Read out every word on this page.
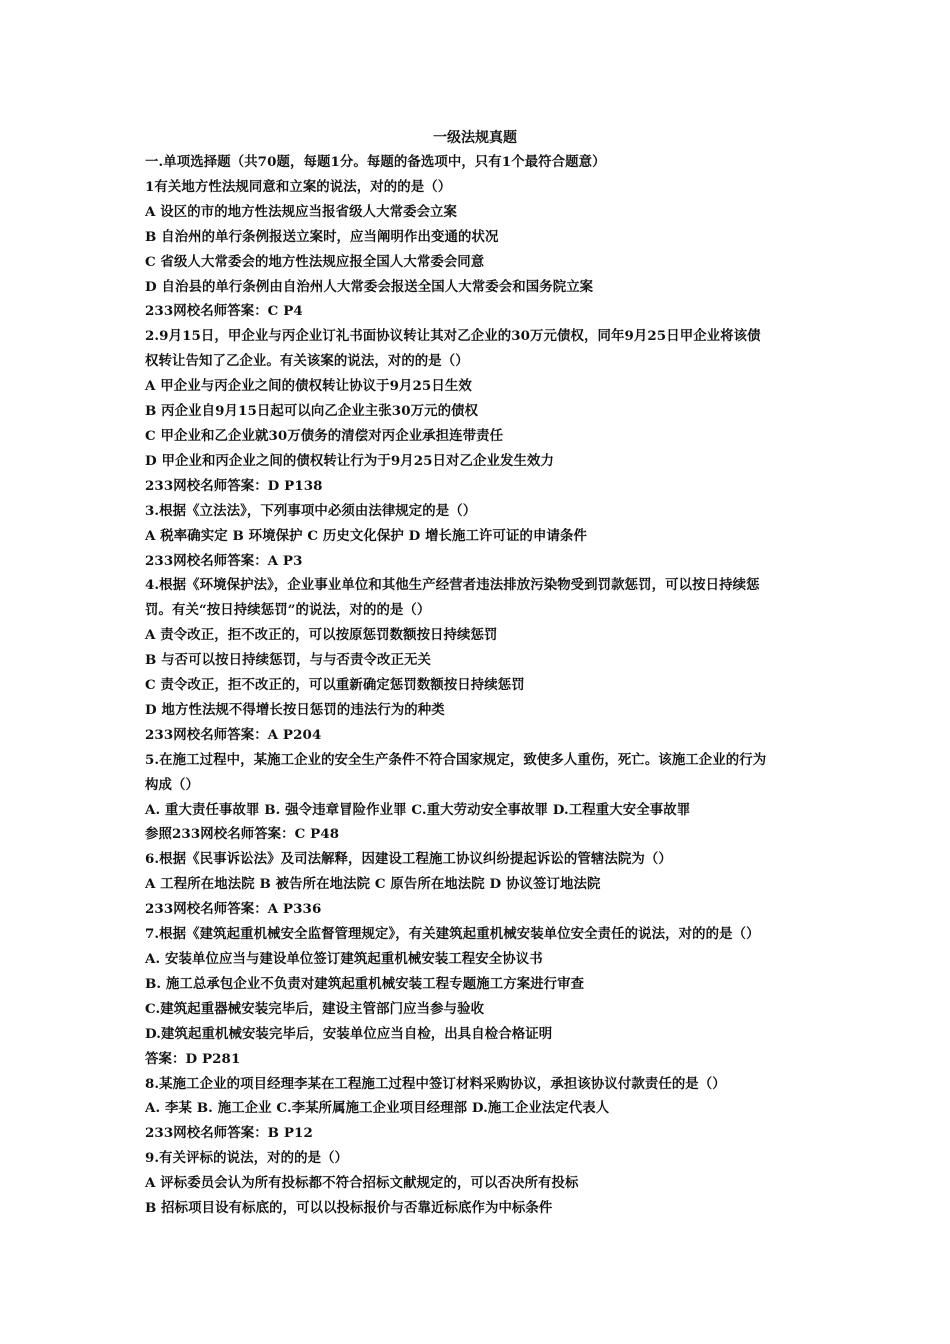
一级法规真题
一.单项选择题（共70题，每题1分。每题的备选项中，只有1个最符合题意）
1有关地方性法规同意和立案的说法，对的的是（）
A 设区的市的地方性法规应当报省级人大常委会立案
B 自治州的单行条例报送立案时，应当阐明作出变通的状况
C 省级人大常委会的地方性法规应报全国人大常委会同意
D 自治县的单行条例由自治州人大常委会报送全国人大常委会和国务院立案
233网校名师答案：C P4
2.9月15日，甲企业与丙企业订礼书面协议转让其对乙企业的30万元债权，同年9月25日甲企业将该债
权转让告知了乙企业。有关该案的说法，对的的是（）
A 甲企业与丙企业之间的债权转让协议于9月25日生效
B 丙企业自9月15日起可以向乙企业主张30万元的债权
C 甲企业和乙企业就30万债务的清偿对丙企业承担连带责任
D 甲企业和丙企业之间的债权转让行为于9月25日对乙企业发生效力
233网校名师答案：D P138
3.根据《立法法》，下列事项中必须由法律规定的是（）
A 税率确实定 B 环境保护 C 历史文化保护 D 增长施工许可证的申请条件
233网校名师答案：A P3
4.根据《环境保护法》，企业事业单位和其他生产经营者违法排放污染物受到罚款惩罚，可以按日持续惩
罚。有关“按日持续惩罚”的说法，对的的是（）
A 责令改正，拒不改正的，可以按原惩罚数额按日持续惩罚
B 与否可以按日持续惩罚，与与否责令改正无关
C 责令改正，拒不改正的，可以重新确定惩罚数额按日持续惩罚
D 地方性法规不得增长按日惩罚的违法行为的种类
233网校名师答案：A P204
5.在施工过程中，某施工企业的安全生产条件不符合国家规定，致使多人重伤，死亡。该施工企业的行为
构成（）
A. 重大责任事故罪 B. 强令违章冒险作业罪 C.重大劳动安全事故罪 D.工程重大安全事故罪
参照233网校名师答案：C P48
6.根据《民事诉讼法》及司法解释，因建设工程施工协议纠纷提起诉讼的管辖法院为（）
A 工程所在地法院 B 被告所在地法院 C 原告所在地法院 D 协议签订地法院
233网校名师答案：A P336
7.根据《建筑起重机械安全监督管理规定》，有关建筑起重机械安装单位安全责任的说法，对的的是（）
A. 安装单位应当与建设单位签订建筑起重机械安装工程安全协议书
B. 施工总承包企业不负责对建筑起重机械安装工程专题施工方案进行审查
C.建筑起重器械安装完毕后，建设主管部门应当参与验收
D.建筑起重机械安装完毕后，安装单位应当自检，出具自检合格证明
答案：D P281
8.某施工企业的项目经理李某在工程施工过程中签订材料采购协议，承担该协议付款责任的是（）
A. 李某 B. 施工企业 C.李某所属施工企业项目经理部 D.施工企业法定代表人
233网校名师答案：B P12
9.有关评标的说法，对的的是（）
A 评标委员会认为所有投标都不符合招标文献规定的，可以否决所有投标
B 招标项目设有标底的，可以以投标报价与否靠近标底作为中标条件
